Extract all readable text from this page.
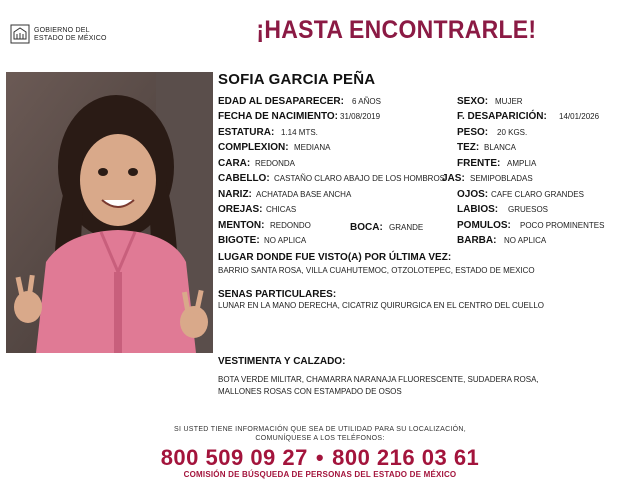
GOBIERNO DEL
ESTADO DE MÉXICO	¡HASTA ENCONTRARLE!
SOFIA GARCIA PEÑA
EDAD AL DESAPARECER: 6 AÑOS
FECHA DE NACIMIENTO: 31/08/2019
ESTATURA: 1.14 MTS.
COMPLEXION: MEDIANA
CARA: REDONDA
CABELLO: CASTAÑO CLARO ABAJO DE LOS HOMBROS
NARIZ: ACHATADA BASE ANCHA
OREJAS: CHICAS
MENTON: REDONDO	BOCA: GRANDE
BIGOTE: NO APLICA
SEXO: MUJER
F. DESAPARICIÓN: 14/01/2026
PESO: 20 KGS.
TEZ: BLANCA
FRENTE: AMPLIA
JAS: SEMIPOBLADAS
OJOS: CAFE CLARO GRANDES
LABIOS: GRUESOS
POMULOS: POCO PROMINENTES
BARBA: NO APLICA
LUGAR DONDE FUE VISTO(A) POR ÚLTIMA VEZ:
BARRIO SANTA ROSA, VILLA CUAHUTEMOC, OTZOLOTEPEC, ESTADO DE MEXICO
SENAS PARTICULARES:
LUNAR EN LA MANO DERECHA, CICATRIZ QUIRURGICA EN EL CENTRO DEL CUELLO
VESTIMENTA Y CALZADO:
BOTA VERDE MILITAR, CHAMARRA NARANAJA FLUORESCENTE, SUDADERA ROSA,
MALLONES ROSAS CON ESTAMPADO DE OSOS
SI USTED TIENE INFORMACIÓN QUE SEA DE UTILIDAD PARA SU LOCALIZACIÓN,
COMUNÍQUESE A LOS TELÉFONOS:
800 509 09 27 • 800 216 03 61
COMISIÓN DE BÚSQUEDA DE PERSONAS DEL ESTADO DE MÉXICO
